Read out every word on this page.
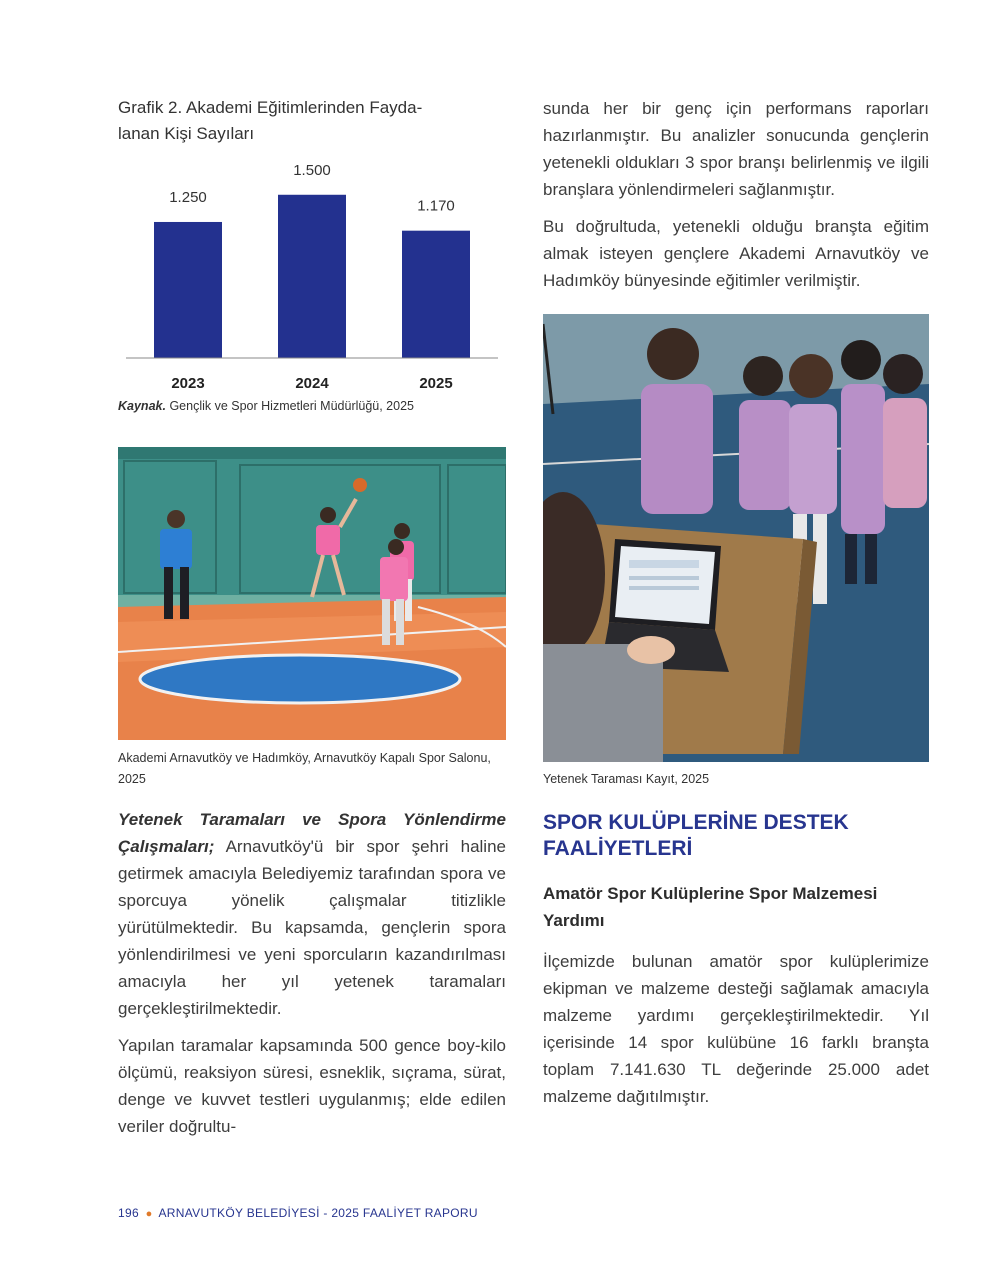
Grafik 2. Akademi Eğitimlerinden Fayda-
lanan Kişi Sayıları

1.250
2023
1.500
2024
1.170
2025
Kaynak. Gençlik ve Spor Hizmetleri Müdürlüğü, 2025
Akademi Arnavutköy ve Hadımköy, Arnavutköy Kapalı Spor Salonu, 2025

Yetenek Taramaları ve Spora Yönlendirme Çalışmaları; Arnavutköy'ü bir spor şehri haline getirmek amacıyla Belediyemiz tarafından spora ve sporcuya yönelik çalışmalar titizlikle yürütülmektedir. Bu kapsamda, gençlerin spora yönlendirilmesi ve yeni sporcuların kazandırılması amacıyla her yıl yetenek taramaları gerçekleştirilmektedir.

Yapılan taramalar kapsamında 500 gence boy-kilo ölçümü, reaksiyon süresi, esneklik, sıçrama, sürat, denge ve kuvvet testleri uygulanmış; elde edilen veriler doğrultu-

sunda her bir genç için performans raporları hazırlanmıştır. Bu analizler sonucunda gençlerin yetenekli oldukları 3 spor branşı belirlenmiş ve ilgili branşlara yönlendirmeleri sağlanmıştır.

Bu doğrultuda, yetenekli olduğu branşta eğitim almak isteyen gençlere Akademi Arnavutköy ve Hadımköy bünyesinde eğitimler verilmiştir.

Yetenek Taraması Kayıt, 2025
SPOR KULÜPLERİNE DESTEK FAALİYETLERİ
Amatör Spor Kulüplerine Spor Malzemesi Yardımı

İlçemizde bulunan amatör spor kulüplerimize ekipman ve malzeme desteği sağlamak amacıyla malzeme yardımı gerçekleştirilmektedir. Yıl içerisinde 14 spor kulübüne 16 farklı branşta toplam 7.141.630 TL değerinde 25.000 adet malzeme dağıtılmıştır.

196 ● ARNAVUTKÖY BELEDİYESİ - 2025 FAALİYET RAPORU
